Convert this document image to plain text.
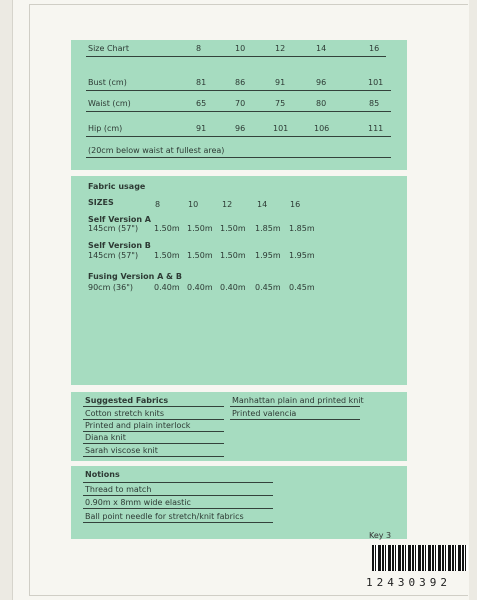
Size Chart	8	10	12	14	16
Bust (cm)	81	86	91	96	101
Waist (cm)	65	70	75	80	85
Hip (cm)	91	96	101	106	111
(20cm below waist at fullest area)
Fabric usage
SIZES	8	10	12	14	16
Self Version A
145cm (57") 1.50m 1.50m 1.50m 1.85m 1.85m
Self Version B
145cm (57") 1.50m 1.50m 1.50m 1.95m 1.95m
Fusing Version A & B
90cm (36")	0.40m 0.40m 0.40m 0.45m 0.45m
Suggested Fabrics
Cotton stretch knits
Printed and plain interlock
Diana knit
Sarah viscose knit
Manhattan plain and printed knit
Printed valencia
Notions
Thread to match
0.90m x 8mm wide elastic
Ball point needle for stretch/knit fabrics
Key 3
12430392
